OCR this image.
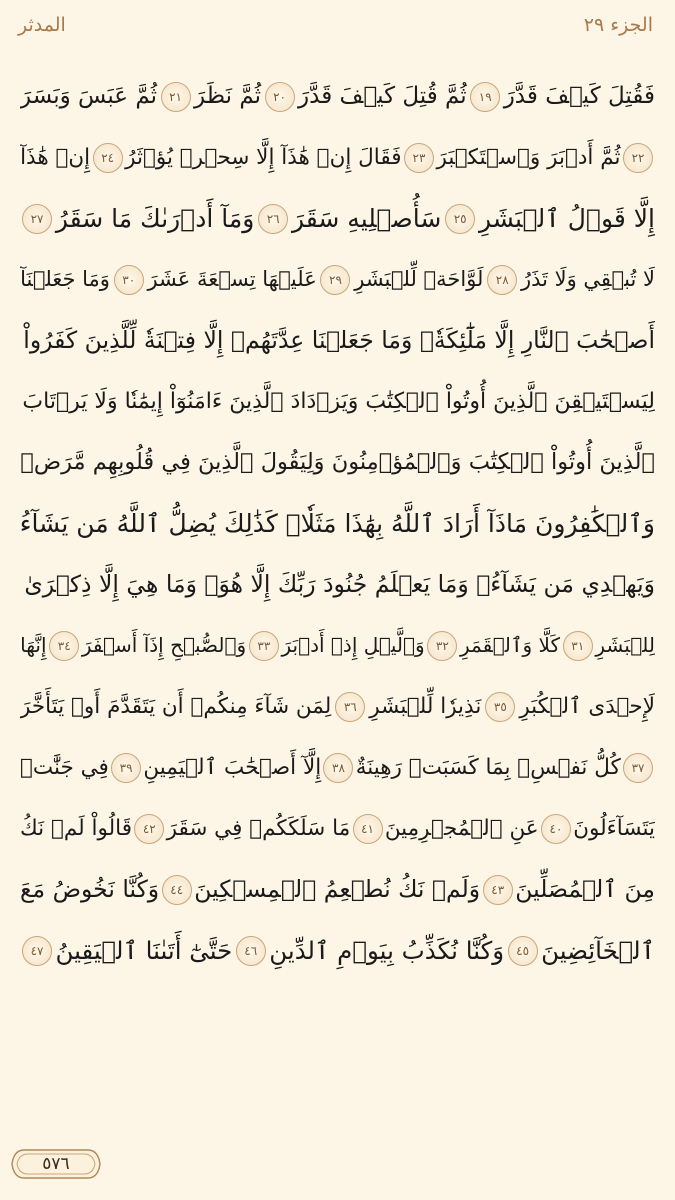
الجزء ٢٩
المدثر
فَقُتِلَ كَيۡفَ قَدَّرَ
١٩
ثُمَّ قُتِلَ كَيۡفَ قَدَّرَ
٢٠
ثُمَّ نَظَرَ
٢١
ثُمَّ عَبَسَ وَبَسَرَ
٢٢
ثُمَّ أَدۡبَرَ وَٱسۡتَكۡبَرَ
٢٣
فَقَالَ إِنۡ هَٰذَآ إِلَّا سِحۡرٞ يُؤۡثَرُ
٢٤
إِنۡ هَٰذَآ
إِلَّا قَوۡلُ ٱلۡبَشَرِ
٢٥
سَأُصۡلِيهِ سَقَرَ
٢٦
وَمَآ أَدۡرَىٰكَ مَا سَقَرُ
٢٧
لَا تُبۡقِي وَلَا تَذَرُ
٢٨
لَوَّاحَةٞ لِّلۡبَشَرِ
٢٩
عَلَيۡهَا تِسۡعَةَ عَشَرَ
٣٠
وَمَا جَعَلۡنَآ
أَصۡحَٰبَ ٱلنَّارِ إِلَّا مَلَٰٓئِكَةٗۙ وَمَا جَعَلۡنَا عِدَّتَهُمۡ إِلَّا فِتۡنَةٗ لِّلَّذِينَ كَفَرُواْ
لِيَسۡتَيۡقِنَ ٱلَّذِينَ أُوتُواْ ٱلۡكِتَٰبَ وَيَزۡدَادَ ٱلَّذِينَ ءَامَنُوٓاْ إِيمَٰنٗا وَلَا يَرۡتَابَ
ٱلَّذِينَ أُوتُواْ ٱلۡكِتَٰبَ وَٱلۡمُؤۡمِنُونَ وَلِيَقُولَ ٱلَّذِينَ فِي قُلُوبِهِم مَّرَضٞ
وَٱلۡكَٰفِرُونَ مَاذَآ أَرَادَ ٱللَّهُ بِهَٰذَا مَثَلٗاۚ كَذَٰلِكَ يُضِلُّ ٱللَّهُ مَن يَشَآءُ
وَيَهۡدِي مَن يَشَآءُۚ وَمَا يَعۡلَمُ جُنُودَ رَبِّكَ إِلَّا هُوَۚ وَمَا هِيَ إِلَّا ذِكۡرَىٰ
لِلۡبَشَرِ
٣١
كَلَّا وَٱلۡقَمَرِ
٣٢
وَٱلَّيۡلِ إِذۡ أَدۡبَرَ
٣٣
وَٱلصُّبۡحِ إِذَآ أَسۡفَرَ
٣٤
إِنَّهَا
لَإِحۡدَى ٱلۡكُبَرِ
٣٥
نَذِيرٗا لِّلۡبَشَرِ
٣٦
لِمَن شَآءَ مِنكُمۡ أَن يَتَقَدَّمَ أَوۡ يَتَأَخَّرَ
٣٧
كُلُّ نَفۡسِۭ بِمَا كَسَبَتۡ رَهِينَةٌ
٣٨
إِلَّآ أَصۡحَٰبَ ٱلۡيَمِينِ
٣٩
فِي جَنَّٰتٖ
يَتَسَآءَلُونَ
٤٠
عَنِ ٱلۡمُجۡرِمِينَ
٤١
مَا سَلَكَكُمۡ فِي سَقَرَ
٤٢
قَالُواْ لَمۡ نَكُ
مِنَ ٱلۡمُصَلِّينَ
٤٣
وَلَمۡ نَكُ نُطۡعِمُ ٱلۡمِسۡكِينَ
٤٤
وَكُنَّا نَخُوضُ مَعَ
ٱلۡخَآئِضِينَ
٤٥
وَكُنَّا نُكَذِّبُ بِيَوۡمِ ٱلدِّينِ
٤٦
حَتَّىٰٓ أَتَىٰنَا ٱلۡيَقِينُ
٤٧
٥٧٦
